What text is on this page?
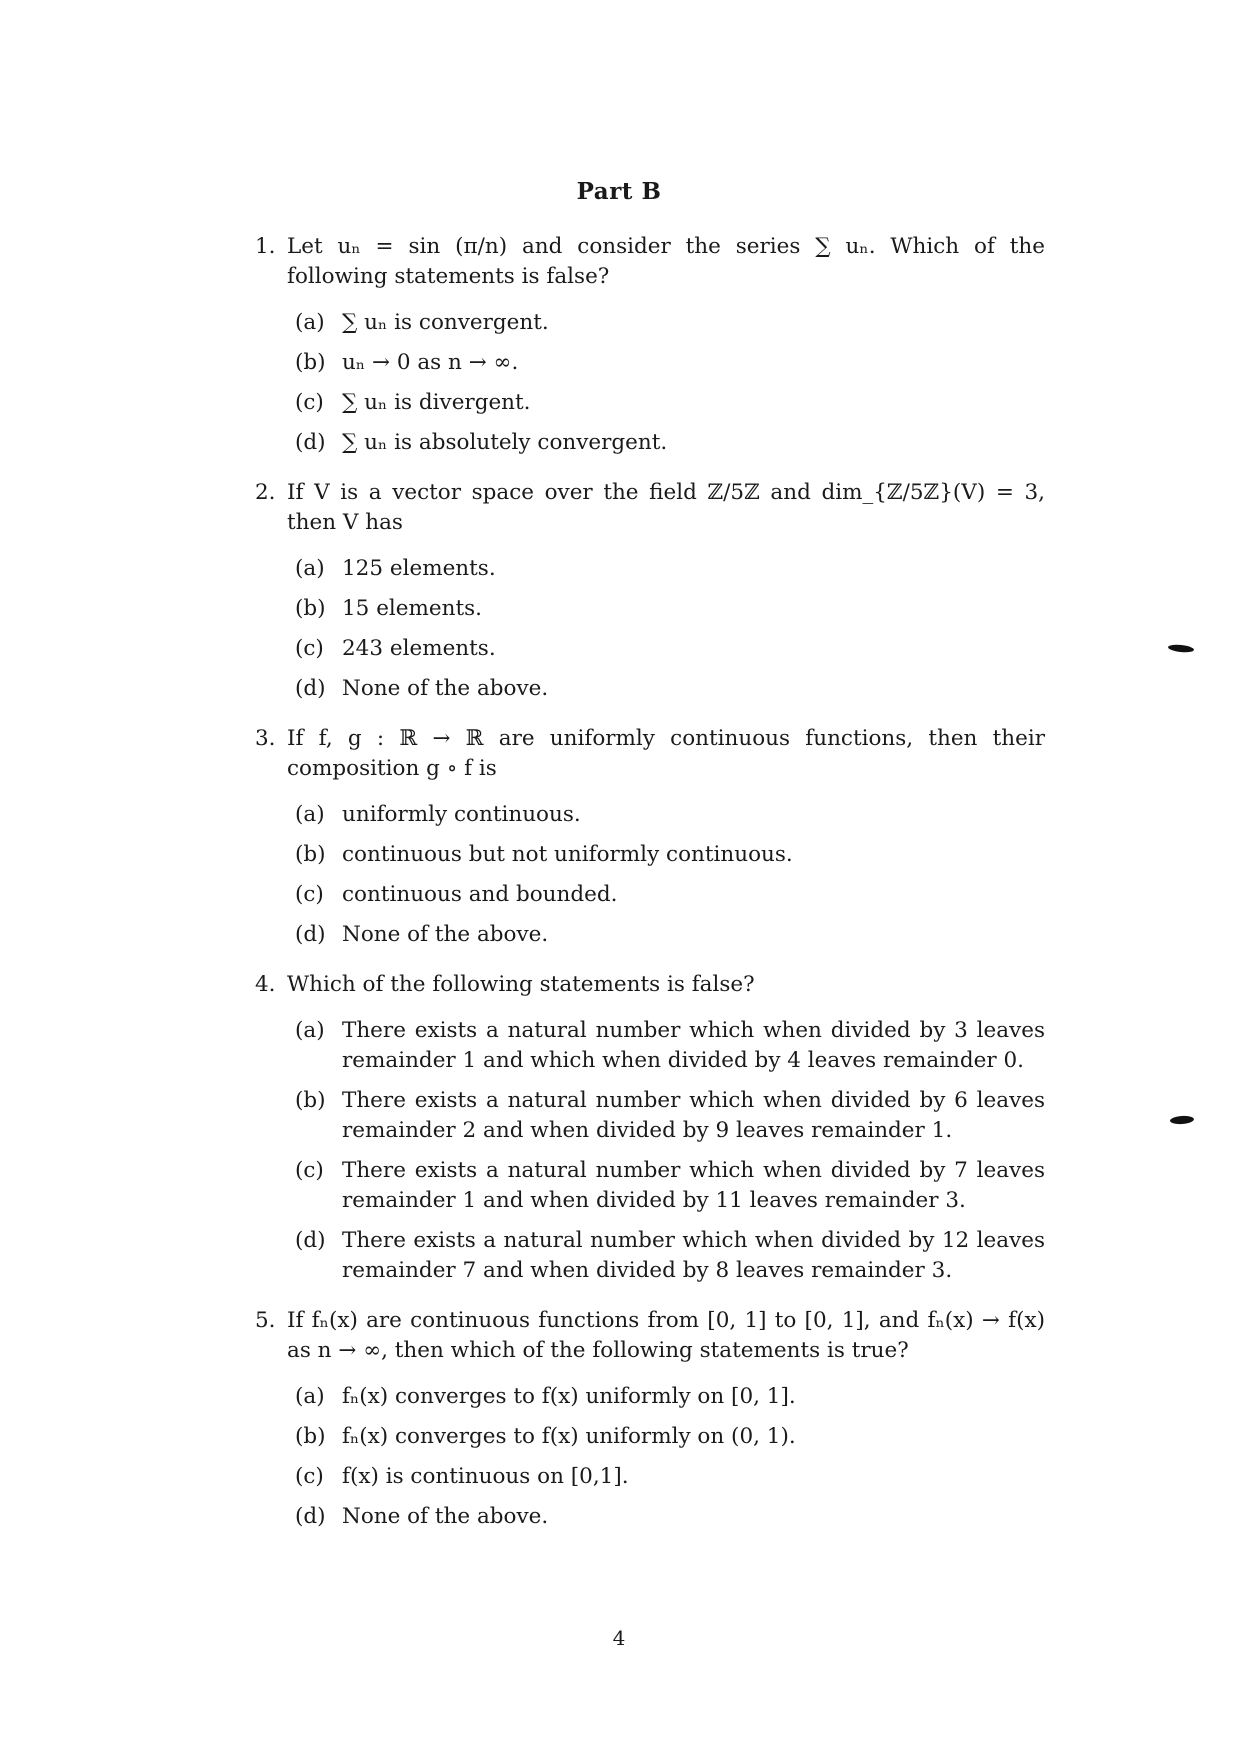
Part B
1. Let uₙ = sin (π/n) and consider the series ∑ uₙ. Which of the following statements is false?
(a) ∑ uₙ is convergent.
(b) uₙ → 0 as n → ∞.
(c) ∑ uₙ is divergent.
(d) ∑ uₙ is absolutely convergent.
2. If V is a vector space over the field ℤ/5ℤ and dim_{ℤ/5ℤ}(V) = 3, then V has
(a) 125 elements.
(b) 15 elements.
(c) 243 elements.
(d) None of the above.
3. If f, g : ℝ → ℝ are uniformly continuous functions, then their composition g ∘ f is
(a) uniformly continuous.
(b) continuous but not uniformly continuous.
(c) continuous and bounded.
(d) None of the above.
4. Which of the following statements is false?
(a) There exists a natural number which when divided by 3 leaves remainder 1 and which when divided by 4 leaves remainder 0.
(b) There exists a natural number which when divided by 6 leaves remainder 2 and when divided by 9 leaves remainder 1.
(c) There exists a natural number which when divided by 7 leaves remainder 1 and when divided by 11 leaves remainder 3.
(d) There exists a natural number which when divided by 12 leaves remainder 7 and when divided by 8 leaves remainder 3.
5. If fₙ(x) are continuous functions from [0, 1] to [0, 1], and fₙ(x) → f(x) as n → ∞, then which of the following statements is true?
(a) fₙ(x) converges to f(x) uniformly on [0, 1].
(b) fₙ(x) converges to f(x) uniformly on (0, 1).
(c) f(x) is continuous on [0,1].
(d) None of the above.
4
